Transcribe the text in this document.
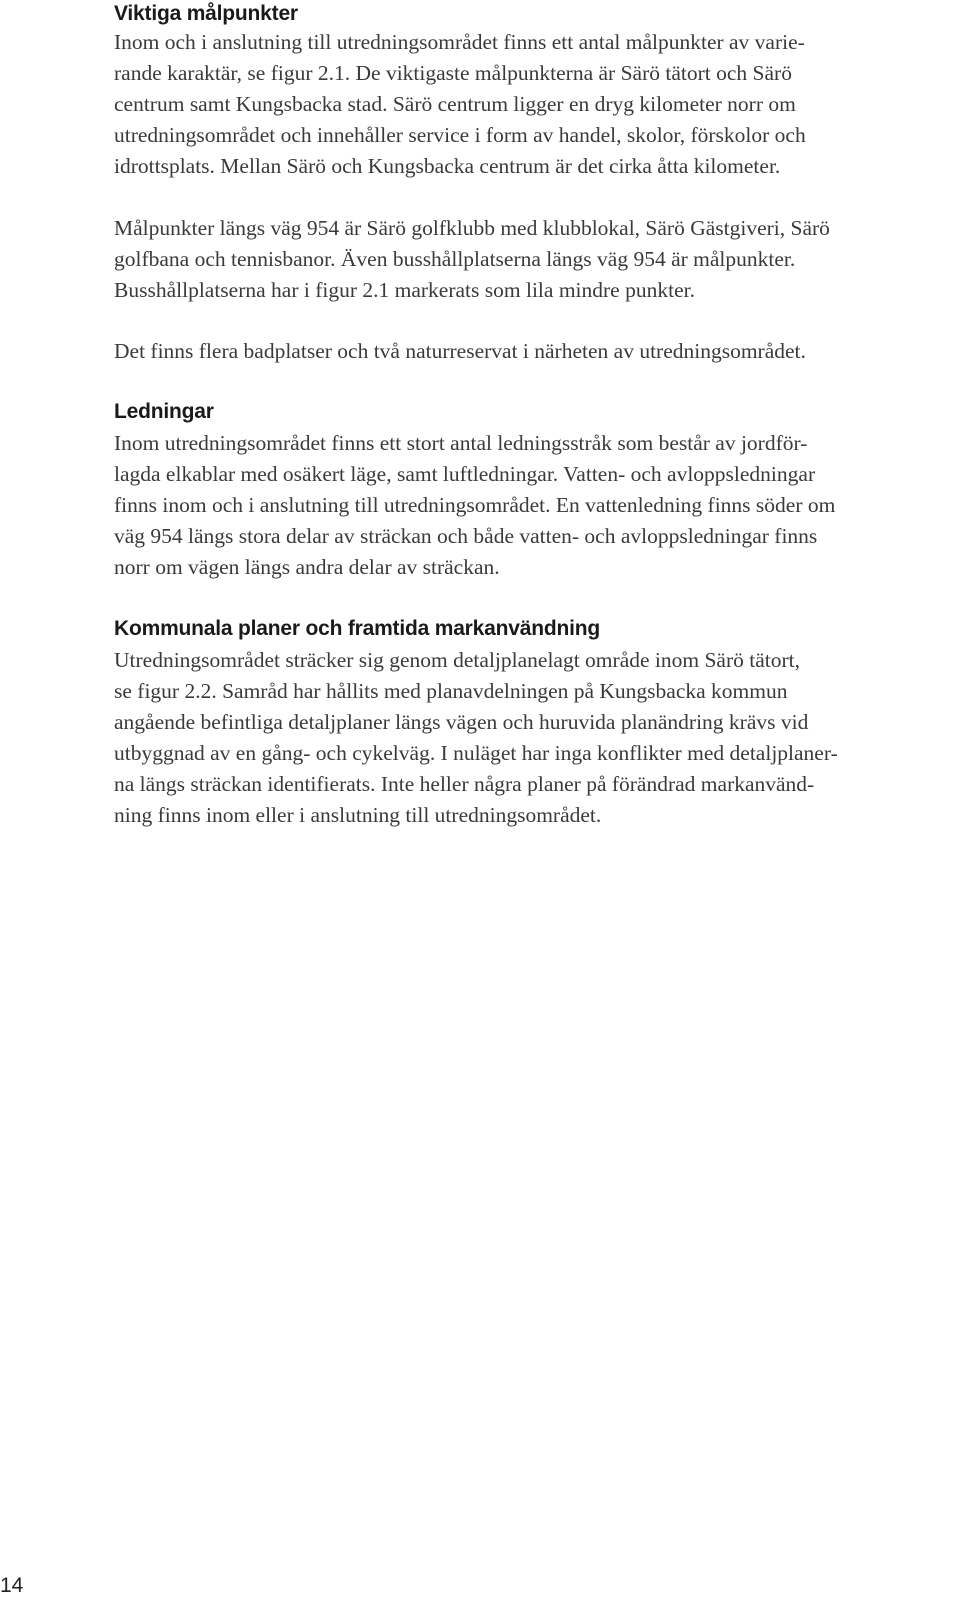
Viktiga målpunkter

Inom och i anslutning till utredningsområdet finns ett antal målpunkter av varie-
rande karaktär, se figur 2.1. De viktigaste målpunkterna är Särö tätort och Särö
centrum samt Kungsbacka stad. Särö centrum ligger en dryg kilometer norr om
utredningsområdet och innehåller service i form av handel, skolor, förskolor och
idrottsplats. Mellan Särö och Kungsbacka centrum är det cirka åtta kilometer.

Målpunkter längs väg 954 är Särö golfklubb med klubblokal, Särö Gästgiveri, Särö
golfbana och tennisbanor. Även busshållplatserna längs väg 954 är målpunkter.
Busshållplatserna har i figur 2.1 markerats som lila mindre punkter.

Det finns flera badplatser och två naturreservat i närheten av utredningsområdet.

Ledningar

Inom utredningsområdet finns ett stort antal ledningsstråk som består av jordför-
lagda elkablar med osäkert läge, samt luftledningar. Vatten- och avloppsledningar
finns inom och i anslutning till utredningsområdet. En vattenledning finns söder om
väg 954 längs stora delar av sträckan och både vatten- och avloppsledningar finns
norr om vägen längs andra delar av sträckan.

Kommunala planer och framtida markanvändning

Utredningsområdet sträcker sig genom detaljplanelagt område inom Särö tätort,
se figur 2.2. Samråd har hållits med planavdelningen på Kungsbacka kommun
angående befintliga detaljplaner längs vägen och huruvida planändring krävs vid
utbyggnad av en gång- och cykelväg. I nuläget har inga konflikter med detaljplaner-
na längs sträckan identifierats. Inte heller några planer på förändrad markanvänd-
ning finns inom eller i anslutning till utredningsområdet.

14
